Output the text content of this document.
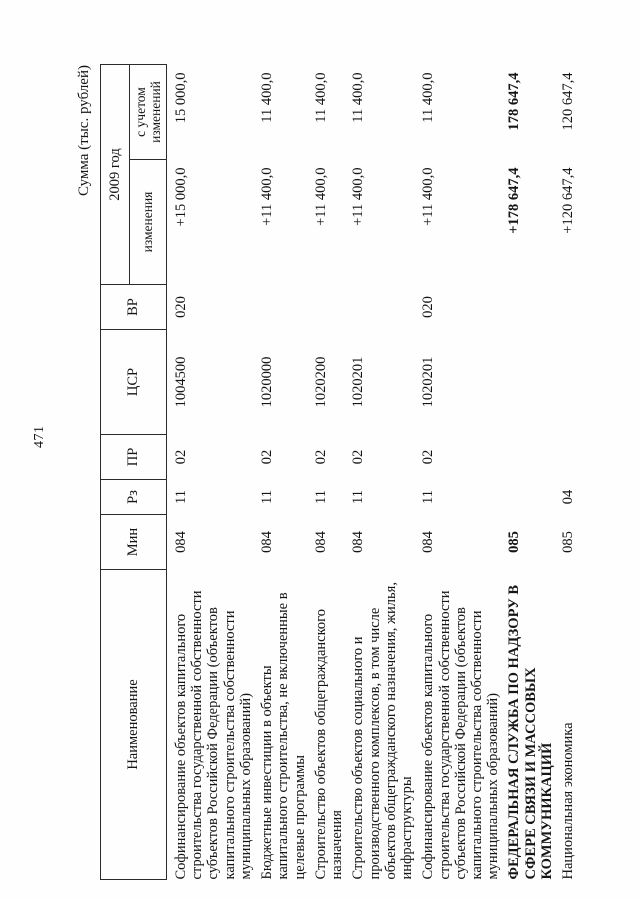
471
Сумма (тыс. рублей)
Наименование	Мин	Рз	ПР	ЦСР	ВР	2009 год	
						изменения	с учетом изменений
Софинансирование объектов капитального строительства государственной собственности субъектов Российской Федерации (объектов капитального строительства собственности муниципальных образований)	084	11	02	1004500	020	+15 000,0	15 000,0
Бюджетные инвестиции в объекты капитального строительства, не включенные в целевые программы	084	11	02	1020000		+11 400,0	11 400,0
Строительство объектов общегражданского назначения	084	11	02	1020200		+11 400,0	11 400,0
Строительство объектов социального и производственного комплексов, в том числе объектов общегражданского назначения, жилья, инфраструктуры	084	11	02	1020201		+11 400,0	11 400,0
Софинансирование объектов капитального строительства государственной собственности субъектов Российской Федерации (объектов капитального строительства собственности муниципальных образований)	084	11	02	1020201	020	+11 400,0	11 400,0
ФЕДЕРАЛЬНАЯ СЛУЖБА ПО НАДЗОРУ В СФЕРЕ СВЯЗИ И МАССОВЫХ КОММУНИКАЦИЙ	085					+178 647,4	178 647,4
Национальная экономика	085	04				+120 647,4	120 647,4
